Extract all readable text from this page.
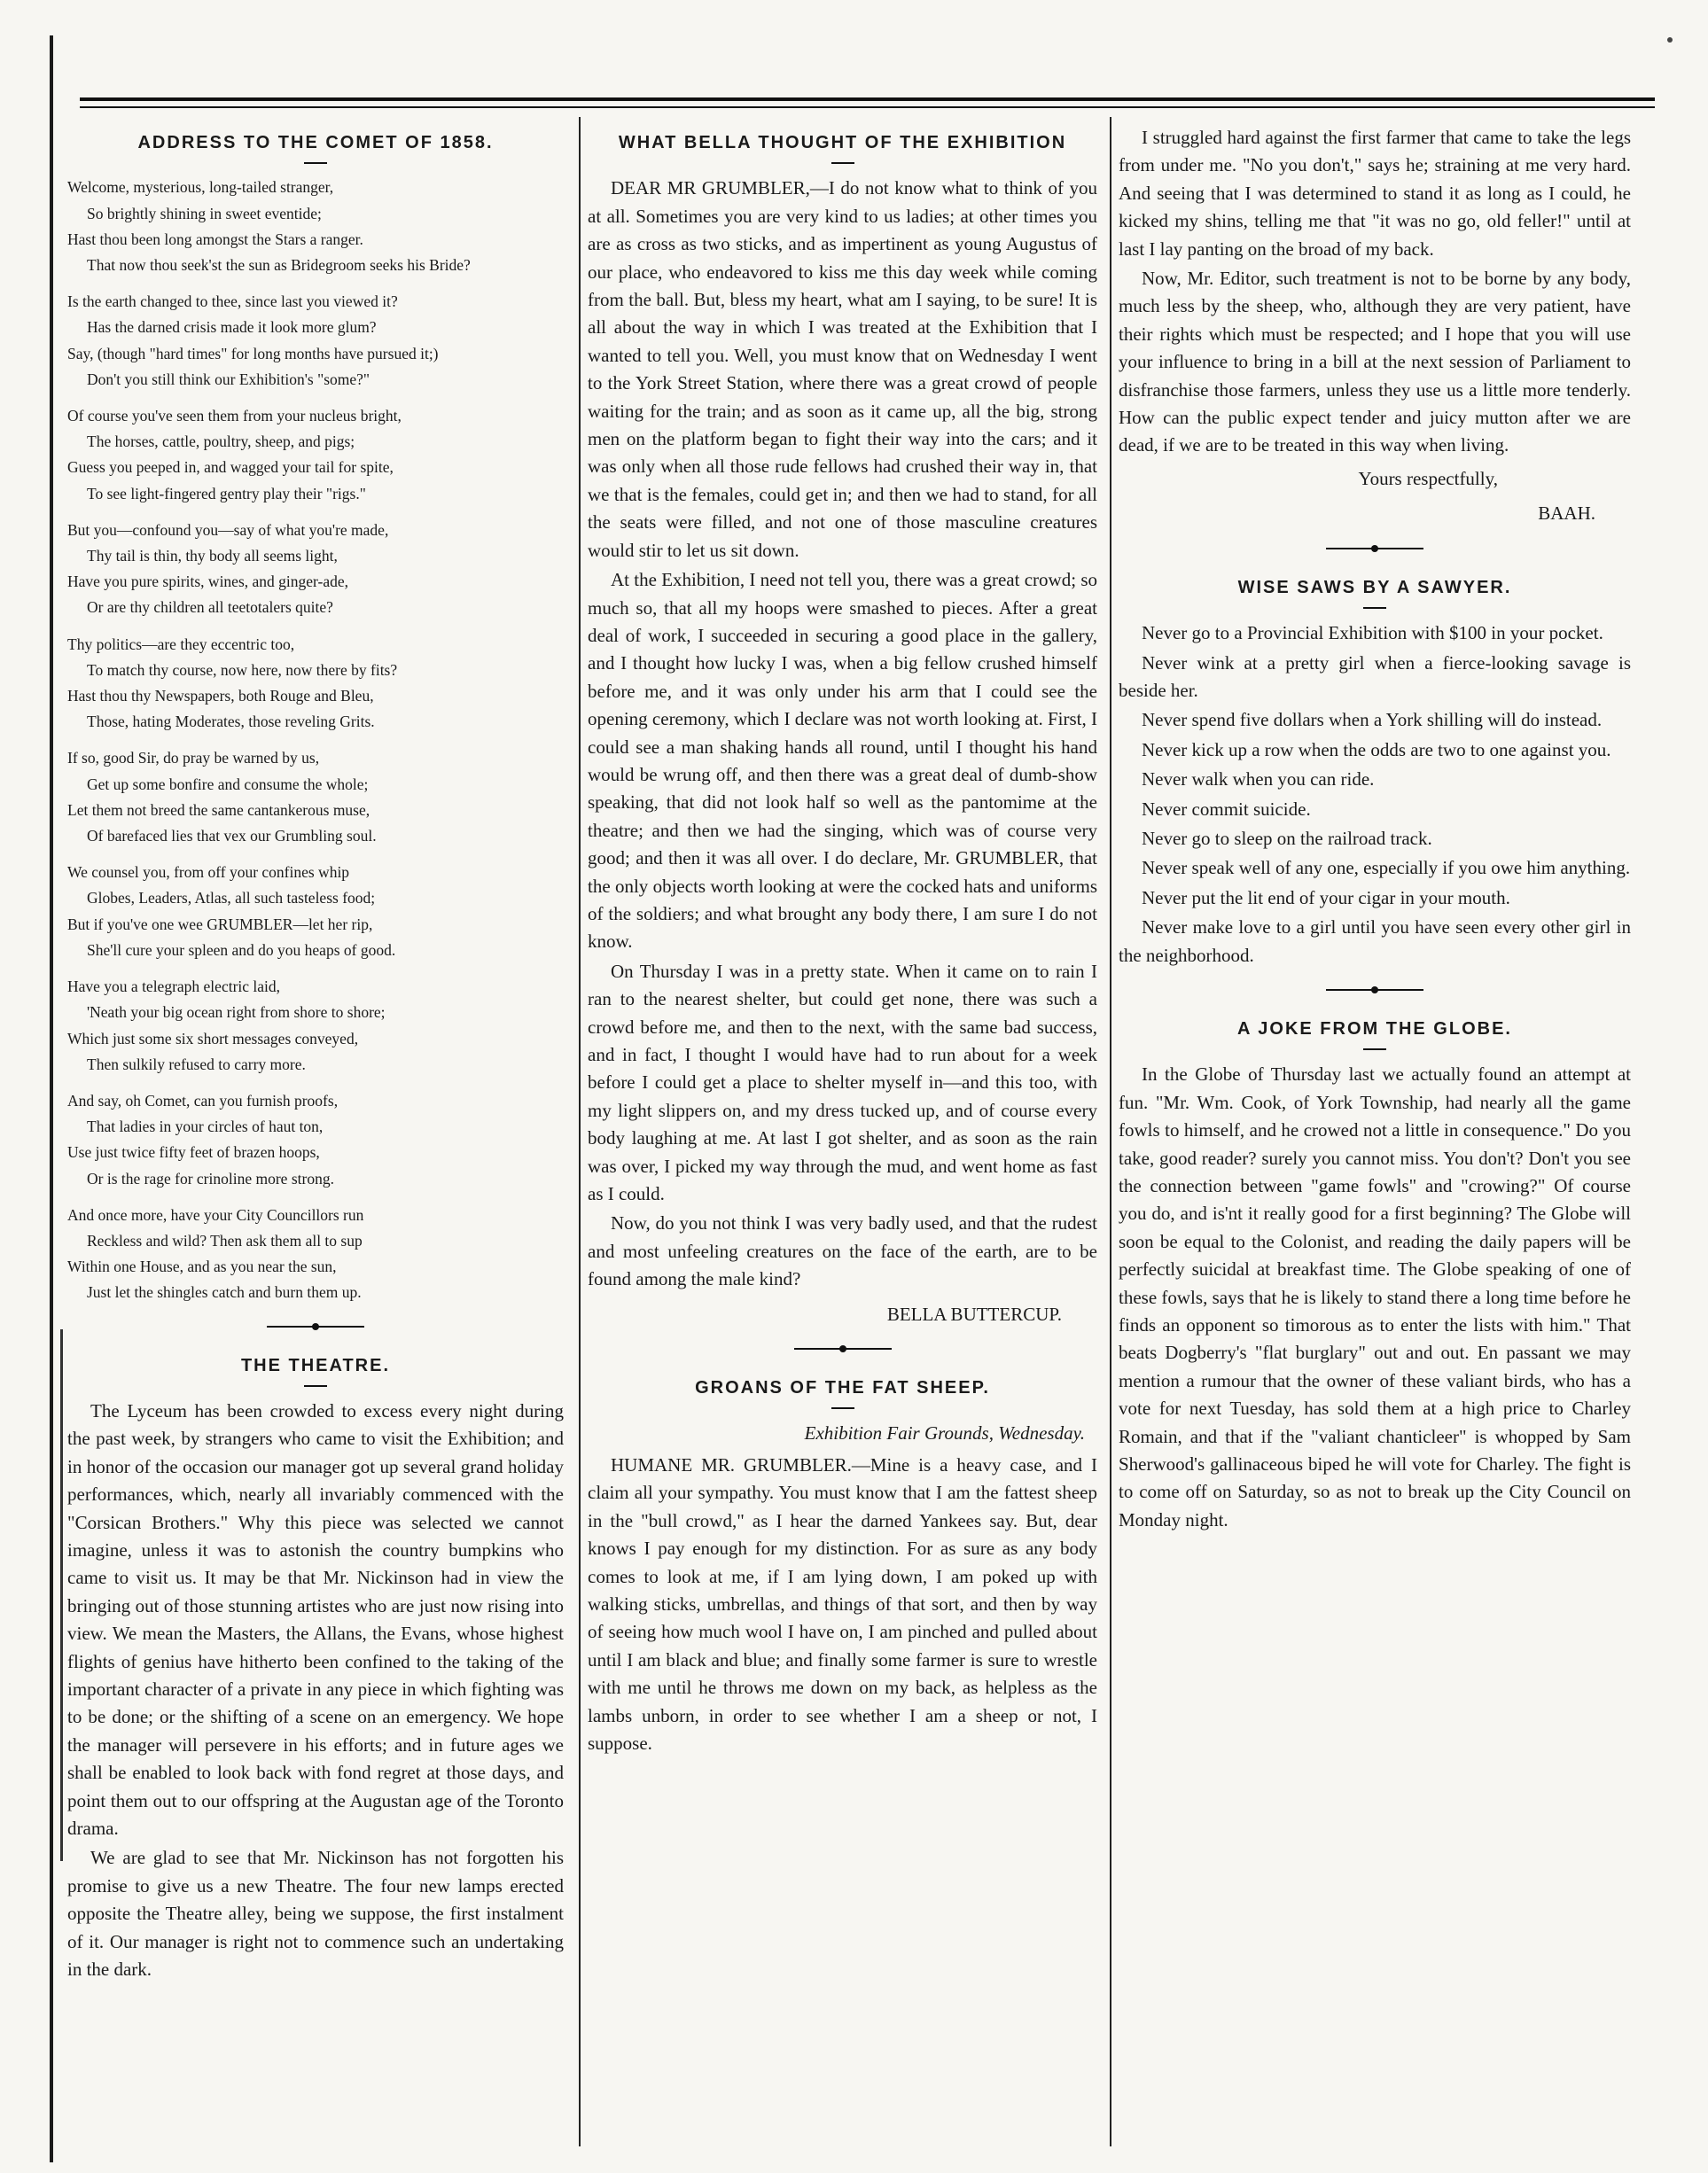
ADDRESS TO THE COMET OF 1858.
Welcome, mysterious, long-tailed stranger,
So brightly shining in sweet eventide;
Hast thou been long amongst the Stars a ranger.
That now thou seek'st the sun as Bridegroom seeks his Bride?
Is the earth changed to thee, since last you viewed it?
Has the darned crisis made it look more glum?
Say, (though "hard times" for long months have pursued it;)
Don't you still think our Exhibition's "some?"
Of course you've seen them from your nucleus bright,
The horses, cattle, poultry, sheep, and pigs;
Guess you peeped in, and wagged your tail for spite,
To see light-fingered gentry play their "rigs."
But you—confound you—say of what you're made,
Thy tail is thin, thy body all seems light,
Have you pure spirits, wines, and ginger-ade,
Or are thy children all teetotalers quite?
Thy politics—are they eccentric too,
To match thy course, now here, now there by fits?
Hast thou thy Newspapers, both Rouge and Bleu,
Those, hating Moderates, those reveling Grits.
If so, good Sir, do pray be warned by us,
Get up some bonfire and consume the whole;
Let them not breed the same cantankerous muse,
Of barefaced lies that vex our Grumbling soul.
We counsel you, from off your confines whip
Globes, Leaders, Atlas, all such tasteless food;
But if you've one wee GRUMBLER—let her rip,
She'll cure your spleen and do you heaps of good.
Have you a telegraph electric laid,
'Neath your big ocean right from shore to shore;
Which just some six short messages conveyed,
Then sulkily refused to carry more.
And say, oh Comet, can you furnish proofs,
That ladies in your circles of haut ton,
Use just twice fifty feet of brazen hoops,
Or is the rage for crinoline more strong.
And once more, have your City Councillors run
Reckless and wild? Then ask them all to sup
Within one House, and as you near the sun,
Just let the shingles catch and burn them up.
THE THEATRE.

The Lyceum has been crowded to excess every night during the past week, by strangers who came to visit the Exhibition; and in honor of the occasion our manager got up several grand holiday performances, which, nearly all invariably commenced with the "Corsican Brothers." Why this piece was selected we cannot imagine, unless it was to astonish the country bumpkins who came to visit us. It may be that Mr. Nickinson had in view the bringing out of those stunning artistes who are just now rising into view. We mean the Masters, the Allans, the Evans, whose highest flights of genius have hitherto been confined to the taking of the important character of a private in any piece in which fighting was to be done; or the shifting of a scene on an emergency. We hope the manager will persevere in his efforts; and in future ages we shall be enabled to look back with fond regret at those days, and point them out to our offspring at the Augustan age of the Toronto drama.

We are glad to see that Mr. Nickinson has not forgotten his promise to give us a new Theatre. The four new lamps erected opposite the Theatre alley, being we suppose, the first instalment of it. Our manager is right not to commence such an undertaking in the dark.

WHAT BELLA THOUGHT OF THE EXHIBITION

DEAR MR GRUMBLER,—I do not know what to think of you at all. Sometimes you are very kind to us ladies; at other times you are as cross as two sticks, and as impertinent as young Augustus of our place, who endeavored to kiss me this day week while coming from the ball. But, bless my heart, what am I saying, to be sure! It is all about the way in which I was treated at the Exhibition that I wanted to tell you. Well, you must know that on Wednesday I went to the York Street Station, where there was a great crowd of people waiting for the train; and as soon as it came up, all the big, strong men on the platform began to fight their way into the cars; and it was only when all those rude fellows had crushed their way in, that we that is the females, could get in; and then we had to stand, for all the seats were filled, and not one of those masculine creatures would stir to let us sit down.

At the Exhibition, I need not tell you, there was a great crowd; so much so, that all my hoops were smashed to pieces. After a great deal of work, I succeeded in securing a good place in the gallery, and I thought how lucky I was, when a big fellow crushed himself before me, and it was only under his arm that I could see the opening ceremony, which I declare was not worth looking at. First, I could see a man shaking hands all round, until I thought his hand would be wrung off, and then there was a great deal of dumb-show speaking, that did not look half so well as the pantomime at the theatre; and then we had the singing, which was of course very good; and then it was all over. I do declare, Mr. GRUMBLER, that the only objects worth looking at were the cocked hats and uniforms of the soldiers; and what brought any body there, I am sure I do not know.

On Thursday I was in a pretty state. When it came on to rain I ran to the nearest shelter, but could get none, there was such a crowd before me, and then to the next, with the same bad success, and in fact, I thought I would have had to run about for a week before I could get a place to shelter myself in—and this too, with my light slippers on, and my dress tucked up, and of course every body laughing at me. At last I got shelter, and as soon as the rain was over, I picked my way through the mud, and went home as fast as I could.

Now, do you not think I was very badly used, and that the rudest and most unfeeling creatures on the face of the earth, are to be found among the male kind?

BELLA BUTTERCUP.
GROANS OF THE FAT SHEEP.
Exhibition Fair Grounds, Wednesday.

HUMANE MR. GRUMBLER.—Mine is a heavy case, and I claim all your sympathy. You must know that I am the fattest sheep in the "bull crowd," as I hear the darned Yankees say. But, dear knows I pay enough for my distinction. For as sure as any body comes to look at me, if I am lying down, I am poked up with walking sticks, umbrellas, and things of that sort, and then by way of seeing how much wool I have on, I am pinched and pulled about until I am black and blue; and finally some farmer is sure to wrestle with me until he throws me down on my back, as helpless as the lambs unborn, in order to see whether I am a sheep or not, I suppose.

I struggled hard against the first farmer that came to take the legs from under me. "No you don't," says he; straining at me very hard. And seeing that I was determined to stand it as long as I could, he kicked my shins, telling me that "it was no go, old feller!" until at last I lay panting on the broad of my back.

Now, Mr. Editor, such treatment is not to be borne by any body, much less by the sheep, who, although they are very patient, have their rights which must be respected; and I hope that you will use your influence to bring in a bill at the next session of Parliament to disfranchise those farmers, unless they use us a little more tenderly. How can the public expect tender and juicy mutton after we are dead, if we are to be treated in this way when living.

Yours respectfully,
BAAH.
WISE SAWS BY A SAWYER.

Never go to a Provincial Exhibition with $100 in your pocket.

Never wink at a pretty girl when a fierce-looking savage is beside her.

Never spend five dollars when a York shilling will do instead.

Never kick up a row when the odds are two to one against you.

Never walk when you can ride.

Never commit suicide.

Never go to sleep on the railroad track.

Never speak well of any one, especially if you owe him anything.

Never put the lit end of your cigar in your mouth.

Never make love to a girl until you have seen every other girl in the neighborhood.

A JOKE FROM THE GLOBE.

In the Globe of Thursday last we actually found an attempt at fun. "Mr. Wm. Cook, of York Township, had nearly all the game fowls to himself, and he crowed not a little in consequence." Do you take, good reader? surely you cannot miss. You don't? Don't you see the connection between "game fowls" and "crowing?" Of course you do, and is'nt it really good for a first beginning? The Globe will soon be equal to the Colonist, and reading the daily papers will be perfectly suicidal at breakfast time. The Globe speaking of one of these fowls, says that he is likely to stand there a long time before he finds an opponent so timorous as to enter the lists with him." That beats Dogberry's "flat burglary" out and out. En passant we may mention a rumour that the owner of these valiant birds, who has a vote for next Tuesday, has sold them at a high price to Charley Romain, and that if the "valiant chanticleer" is whopped by Sam Sherwood's gallinaceous biped he will vote for Charley. The fight is to come off on Saturday, so as not to break up the City Council on Monday night.
